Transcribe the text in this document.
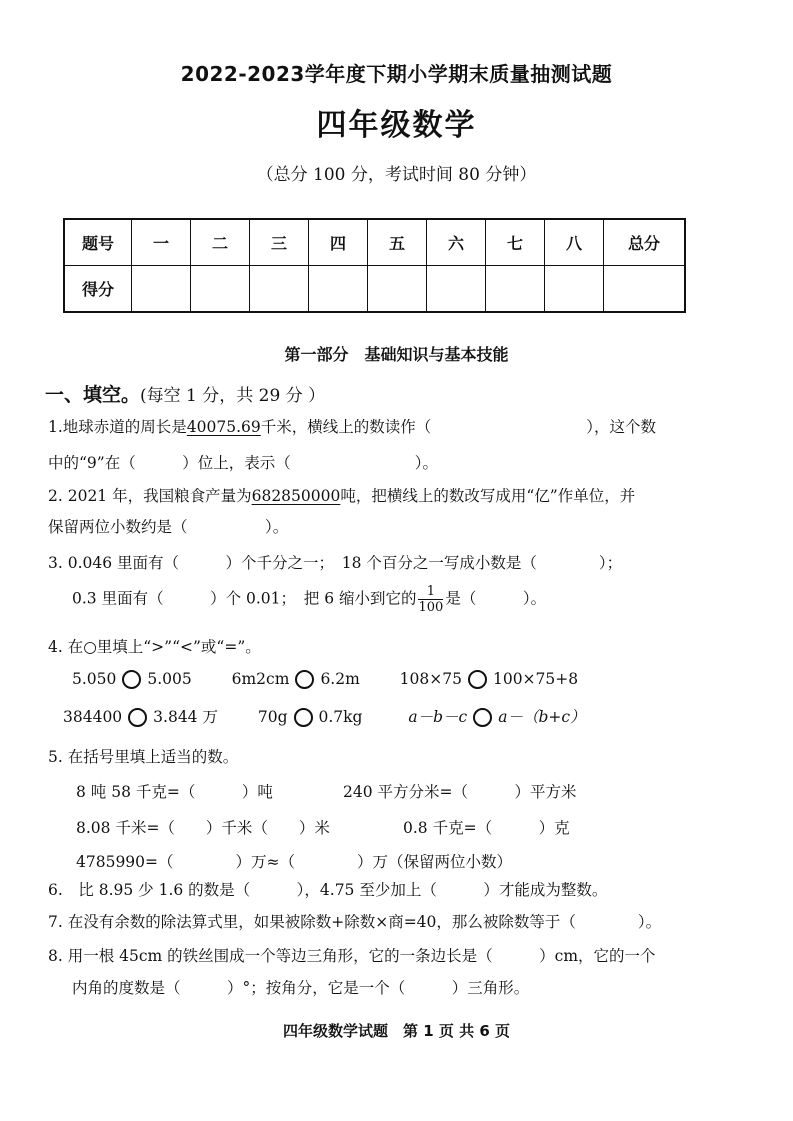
2022-2023学年度下期小学期末质量抽测试题
四年级数学
（总分 100 分，考试时间 80 分钟）
题号	一	二	三	四	五	六	七	八	总分
得分									
第一部分　基础知识与基本技能
一、填空。(每空 1 分，共 29 分 ）
1.地球赤道的周长是40075.69千米，横线上的数读作（　　　　　　　　　　），这个数
中的“9”在（　　　）位上，表示（　　　　　　　　）。
2. 2021 年，我国粮食产量为682850000吨，把横线上的数改写成用“亿”作单位，并
保留两位小数约是（　　　　　）。
3. 0.046 里面有（　　　）个千分之一；　18 个百分之一写成小数是（　　　　）；
0.3 里面有（　　　）个 0.01；　把 6 缩小到它的 $\frac{1}{100}$ 是（　　　）。
4. 在○里填上“>”“<”或“=”。
5.050 5.005	6m2cm 6.2m	108×75 100×75+8
384400 3.844 万	70g 0.7kg	a－b－c a－（b+c）
5. 在括号里填上适当的数。
8 吨 58 千克=（　　　）吨	240 平方分米=（　　　）平方米
8.08 千米=（　　）千米（　　）米	0.8 千克=（　　　）克
4785990=（　　　　）万≈（　　　　）万（保留两位小数）
6.　比 8.95 少 1.6 的数是（　　　），4.75 至少加上（　　　）才能成为整数。
7. 在没有余数的除法算式里，如果被除数+除数×商=40，那么被除数等于（　　　　）。
8. 用一根 45cm 的铁丝围成一个等边三角形，它的一条边长是（　　　）cm，它的一个
内角的度数是（　　　）°；按角分，它是一个（　　　）三角形。
四年级数学试题　第 1 页 共 6 页
